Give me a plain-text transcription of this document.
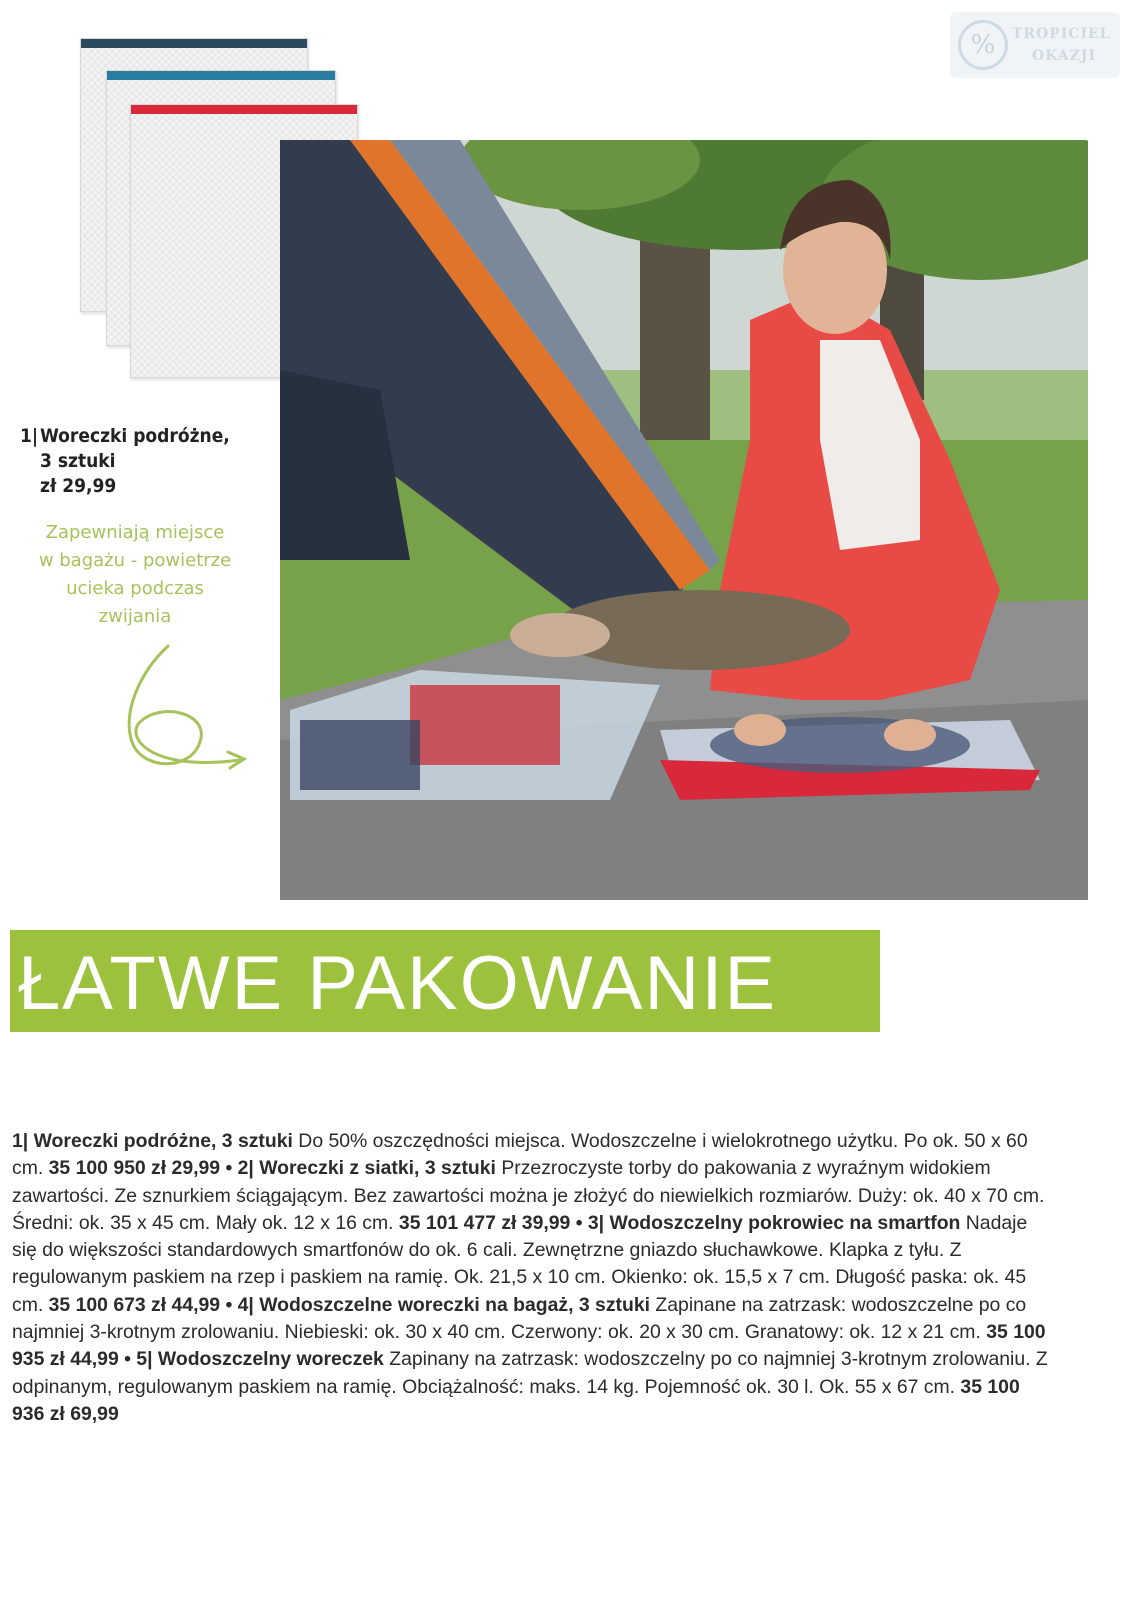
%	TROPICIEL
OKAZJI
1|Woreczki podróżne,
3 sztuki
zł 29,99
Zapewniają miejsce
w bagażu - powietrze
ucieka podczas
zwijania
ŁATWE PAKOWANIE
1| Woreczki podróżne, 3 sztuki Do 50% oszczędności miejsca. Wodoszczelne i wielokrotnego użytku. Po ok. 50 x 60 cm. 35 100 950 zł 29,99 • 2| Woreczki z siatki, 3 sztuki Przezroczyste torby do pakowania z wyraźnym widokiem zawartości. Ze sznurkiem ściągającym. Bez zawartości można je złożyć do niewielkich rozmiarów. Duży: ok. 40 x 70 cm. Średni: ok. 35 x 45 cm. Mały ok. 12 x 16 cm. 35 101 477 zł 39,99 • 3| Wodoszczelny pokrowiec na smartfon Nadaje się do większości standardowych smartfonów do ok. 6 cali. Zewnętrzne gniazdo słuchawkowe. Klapka z tyłu. Z regulowanym paskiem na rzep i paskiem na ramię. Ok. 21,5 x 10 cm. Okienko: ok. 15,5 x 7 cm. Długość paska: ok. 45 cm. 35 100 673 zł 44,99 • 4| Wodoszczelne woreczki na bagaż, 3 sztuki Zapinane na zatrzask: wodoszczelne po co najmniej 3-krotnym zrolowaniu. Niebieski: ok. 30 x 40 cm. Czerwony: ok. 20 x 30 cm. Granatowy: ok. 12 x 21 cm. 35 100 935 zł 44,99 • 5| Wodoszczelny woreczek Zapinany na zatrzask: wodoszczelny po co najmniej 3-krotnym zrolowaniu. Z odpinanym, regulowanym paskiem na ramię. Obciążalność: maks. 14 kg. Pojemność ok. 30 l. Ok. 55 x 67 cm. 35 100 936 zł 69,99
